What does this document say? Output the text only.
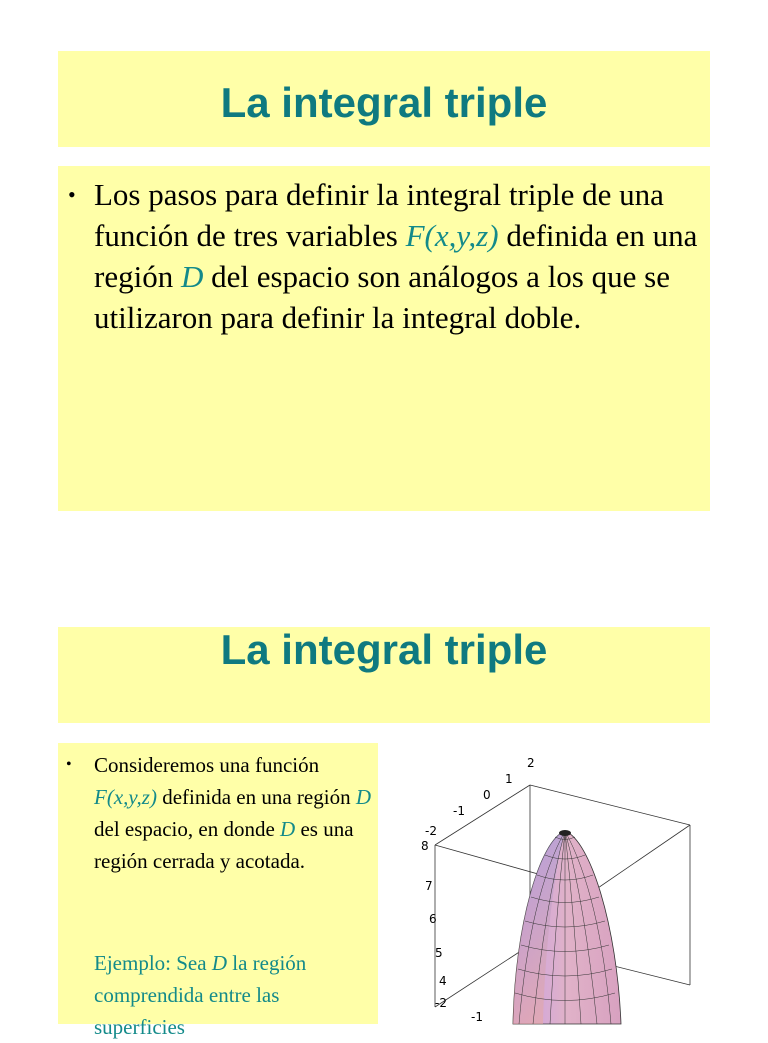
La integral triple
• Los pasos para definir la integral triple de una función de tres variables F(x,y,z) definida en una región D del espacio son análogos a los que se utilizaron para definir la integral doble.
La integral triple
• Consideremos una función F(x,y,z) definida en una región D del espacio, en donde D es una región cerrada y acotada.
Ejemplo: Sea D la región comprendida entre las superficies
2
1
0
-1
-2
8
7
6
5
4
-2
-1
